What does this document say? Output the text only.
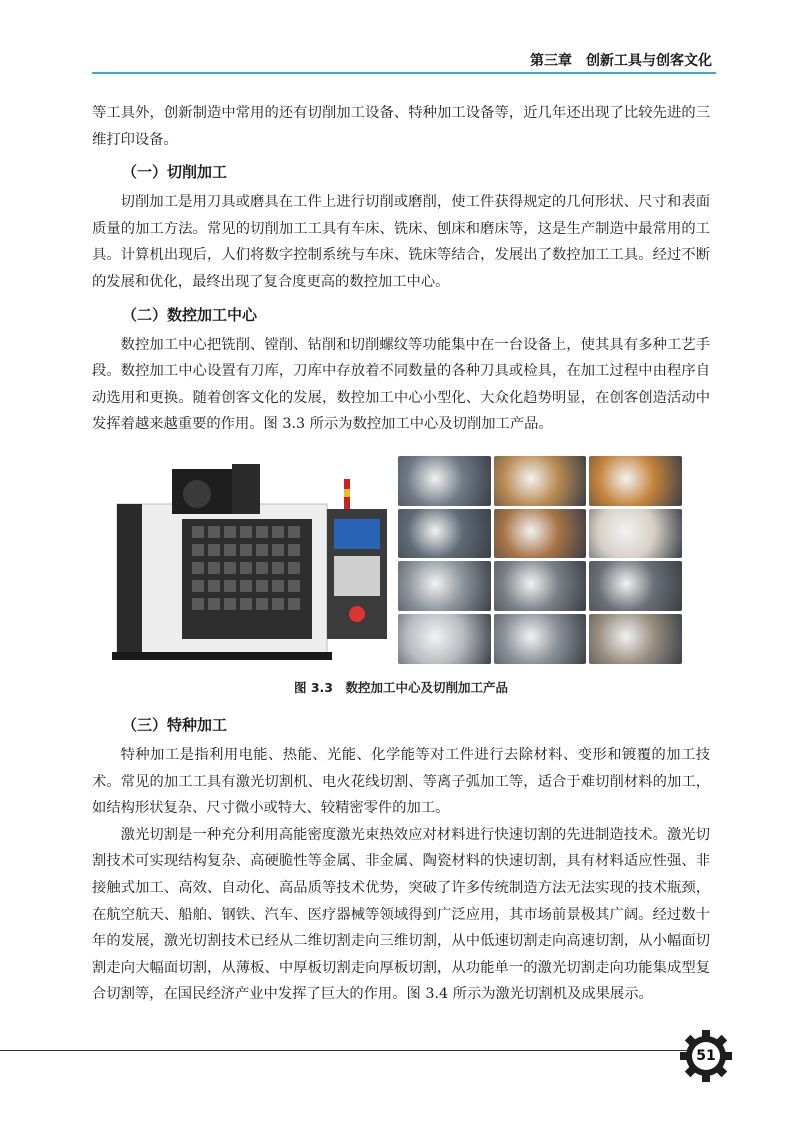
第三章　创新工具与创客文化

等工具外，创新制造中常用的还有切削加工设备、特种加工设备等，近几年还出现了比较先进的三维打印设备。

（一）切削加工

切削加工是用刀具或磨具在工件上进行切削或磨削，使工件获得规定的几何形状、尺寸和表面质量的加工方法。常见的切削加工工具有车床、铣床、刨床和磨床等，这是生产制造中最常用的工具。计算机出现后，人们将数字控制系统与车床、铣床等结合，发展出了数控加工工具。经过不断的发展和优化，最终出现了复合度更高的数控加工中心。

（二）数控加工中心

数控加工中心把铣削、镗削、钻削和切削螺纹等功能集中在一台设备上，使其具有多种工艺手段。数控加工中心设置有刀库，刀库中存放着不同数量的各种刀具或检具，在加工过程中由程序自动选用和更换。随着创客文化的发展，数控加工中心小型化、大众化趋势明显，在创客创造活动中发挥着越来越重要的作用。图 3.3 所示为数控加工中心及切削加工产品。

图 3.3　数控加工中心及切削加工产品
（三）特种加工

特种加工是指利用电能、热能、光能、化学能等对工件进行去除材料、变形和镀覆的加工技术。常见的加工工具有激光切割机、电火花线切割、等离子弧加工等，适合于难切削材料的加工，如结构形状复杂、尺寸微小或特大、较精密零件的加工。

激光切割是一种充分利用高能密度激光束热效应对材料进行快速切割的先进制造技术。激光切割技术可实现结构复杂、高硬脆性等金属、非金属、陶瓷材料的快速切割，具有材料适应性强、非接触式加工、高效、自动化、高品质等技术优势，突破了许多传统制造方法无法实现的技术瓶颈，在航空航天、船舶、钢铁、汽车、医疗器械等领域得到广泛应用，其市场前景极其广阔。经过数十年的发展，激光切割技术已经从二维切割走向三维切割，从中低速切割走向高速切割，从小幅面切割走向大幅面切割，从薄板、中厚板切割走向厚板切割，从功能单一的激光切割走向功能集成型复合切割等，在国民经济产业中发挥了巨大的作用。图 3.4 所示为激光切割机及成果展示。

51
